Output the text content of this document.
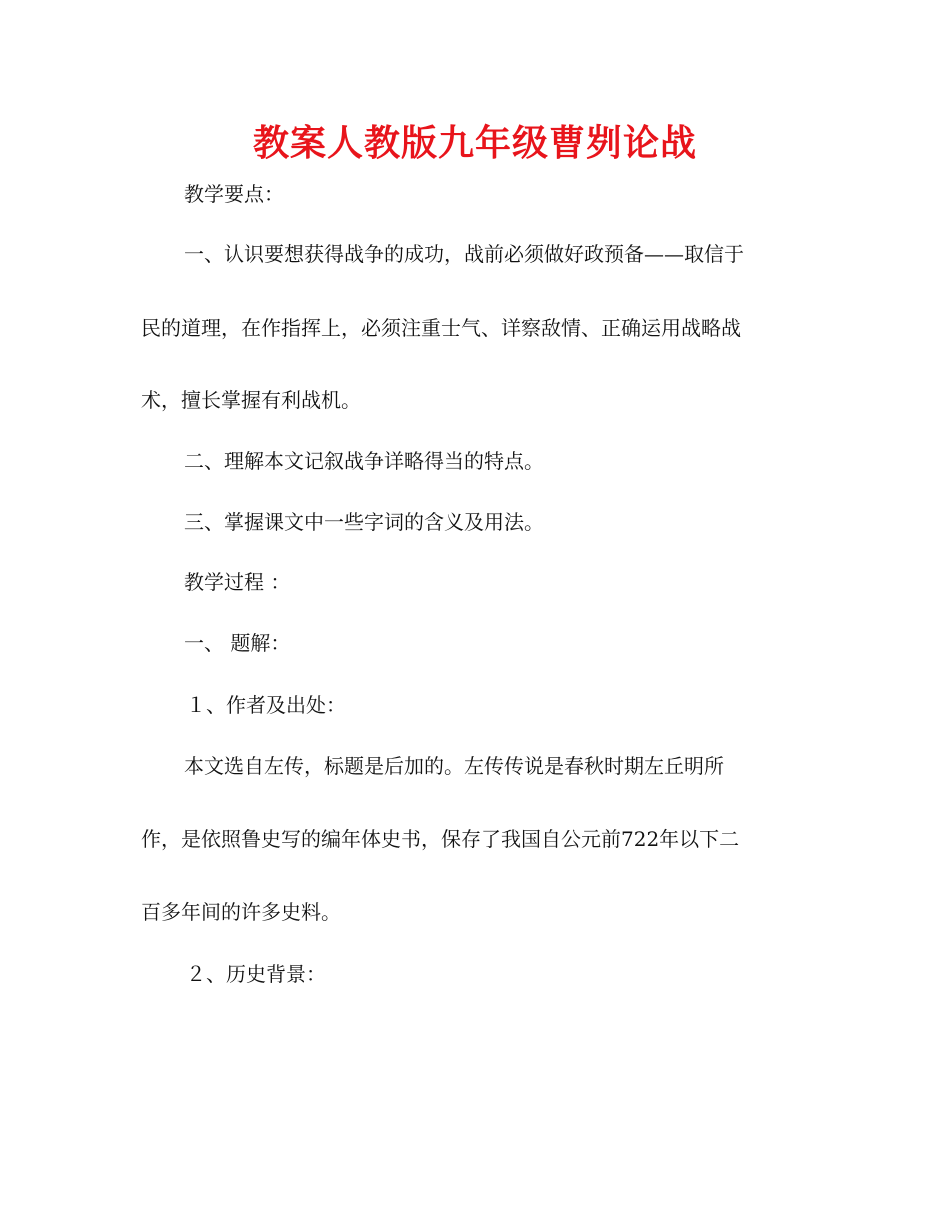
教案人教版九年级曹刿论战
教学要点：
一、认识要想获得战争的成功，战前必须做好政预备——取信于
民的道理，在作指挥上，必须注重士气、详察敌情、正确运用战略战
术，擅长掌握有利战机。
二、理解本文记叙战争详略得当的特点。
三、掌握课文中一些字词的含义及用法。
教学过程 ：
一、 题解：
１、作者及出处：
本文选自左传，标题是后加的。左传传说是春秋时期左丘明所
作，是依照鲁史写的编年体史书，保存了我国自公元前722年以下二
百多年间的许多史料。
２、历史背景：
